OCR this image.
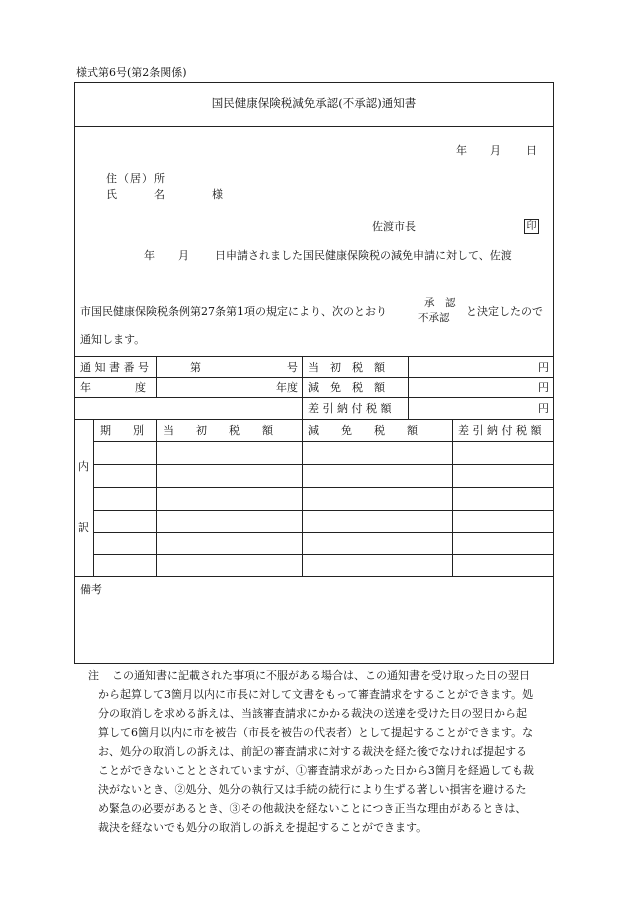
様式第6号(第2条関係)
国民健康保険税減免承認(不承認)通知書
年 月 日
住（居）所
氏	名	様
佐渡市長	印
年 月 日申請されました国民健康保険税の減免申請に対して、佐渡
市国民健康保険税条例第27条第1項の規定により、次のとおり
承　認
不承認 と決定したので
通知します。
通 知 書 番 号	第	号 当　初　税　額	円
年　　　　度	年度 減　免　税　額	円
差 引 納 付 税 額	円
内
訳
期　　別 当　　初　　税　　額	減　　免　　税　　額	差 引 納 付 税 額
備考
注 この通知書に記載された事項に不服がある場合は、この通知書を受け取った日の翌日
から起算して3箇月以内に市長に対して文書をもって審査請求をすることができます。処
分の取消しを求める訴えは、当該審査請求にかかる裁決の送達を受けた日の翌日から起
算して6箇月以内に市を被告（市長を被告の代表者）として提起することができます。な
お、処分の取消しの訴えは、前記の審査請求に対する裁決を経た後でなければ提起する
ことができないこととされていますが、①審査請求があった日から3箇月を経過しても裁
決がないとき、②処分、処分の執行又は手続の続行により生ずる著しい損害を避けるた
め緊急の必要があるとき、③その他裁決を経ないことにつき正当な理由があるときは、
裁決を経ないでも処分の取消しの訴えを提起することができます。
